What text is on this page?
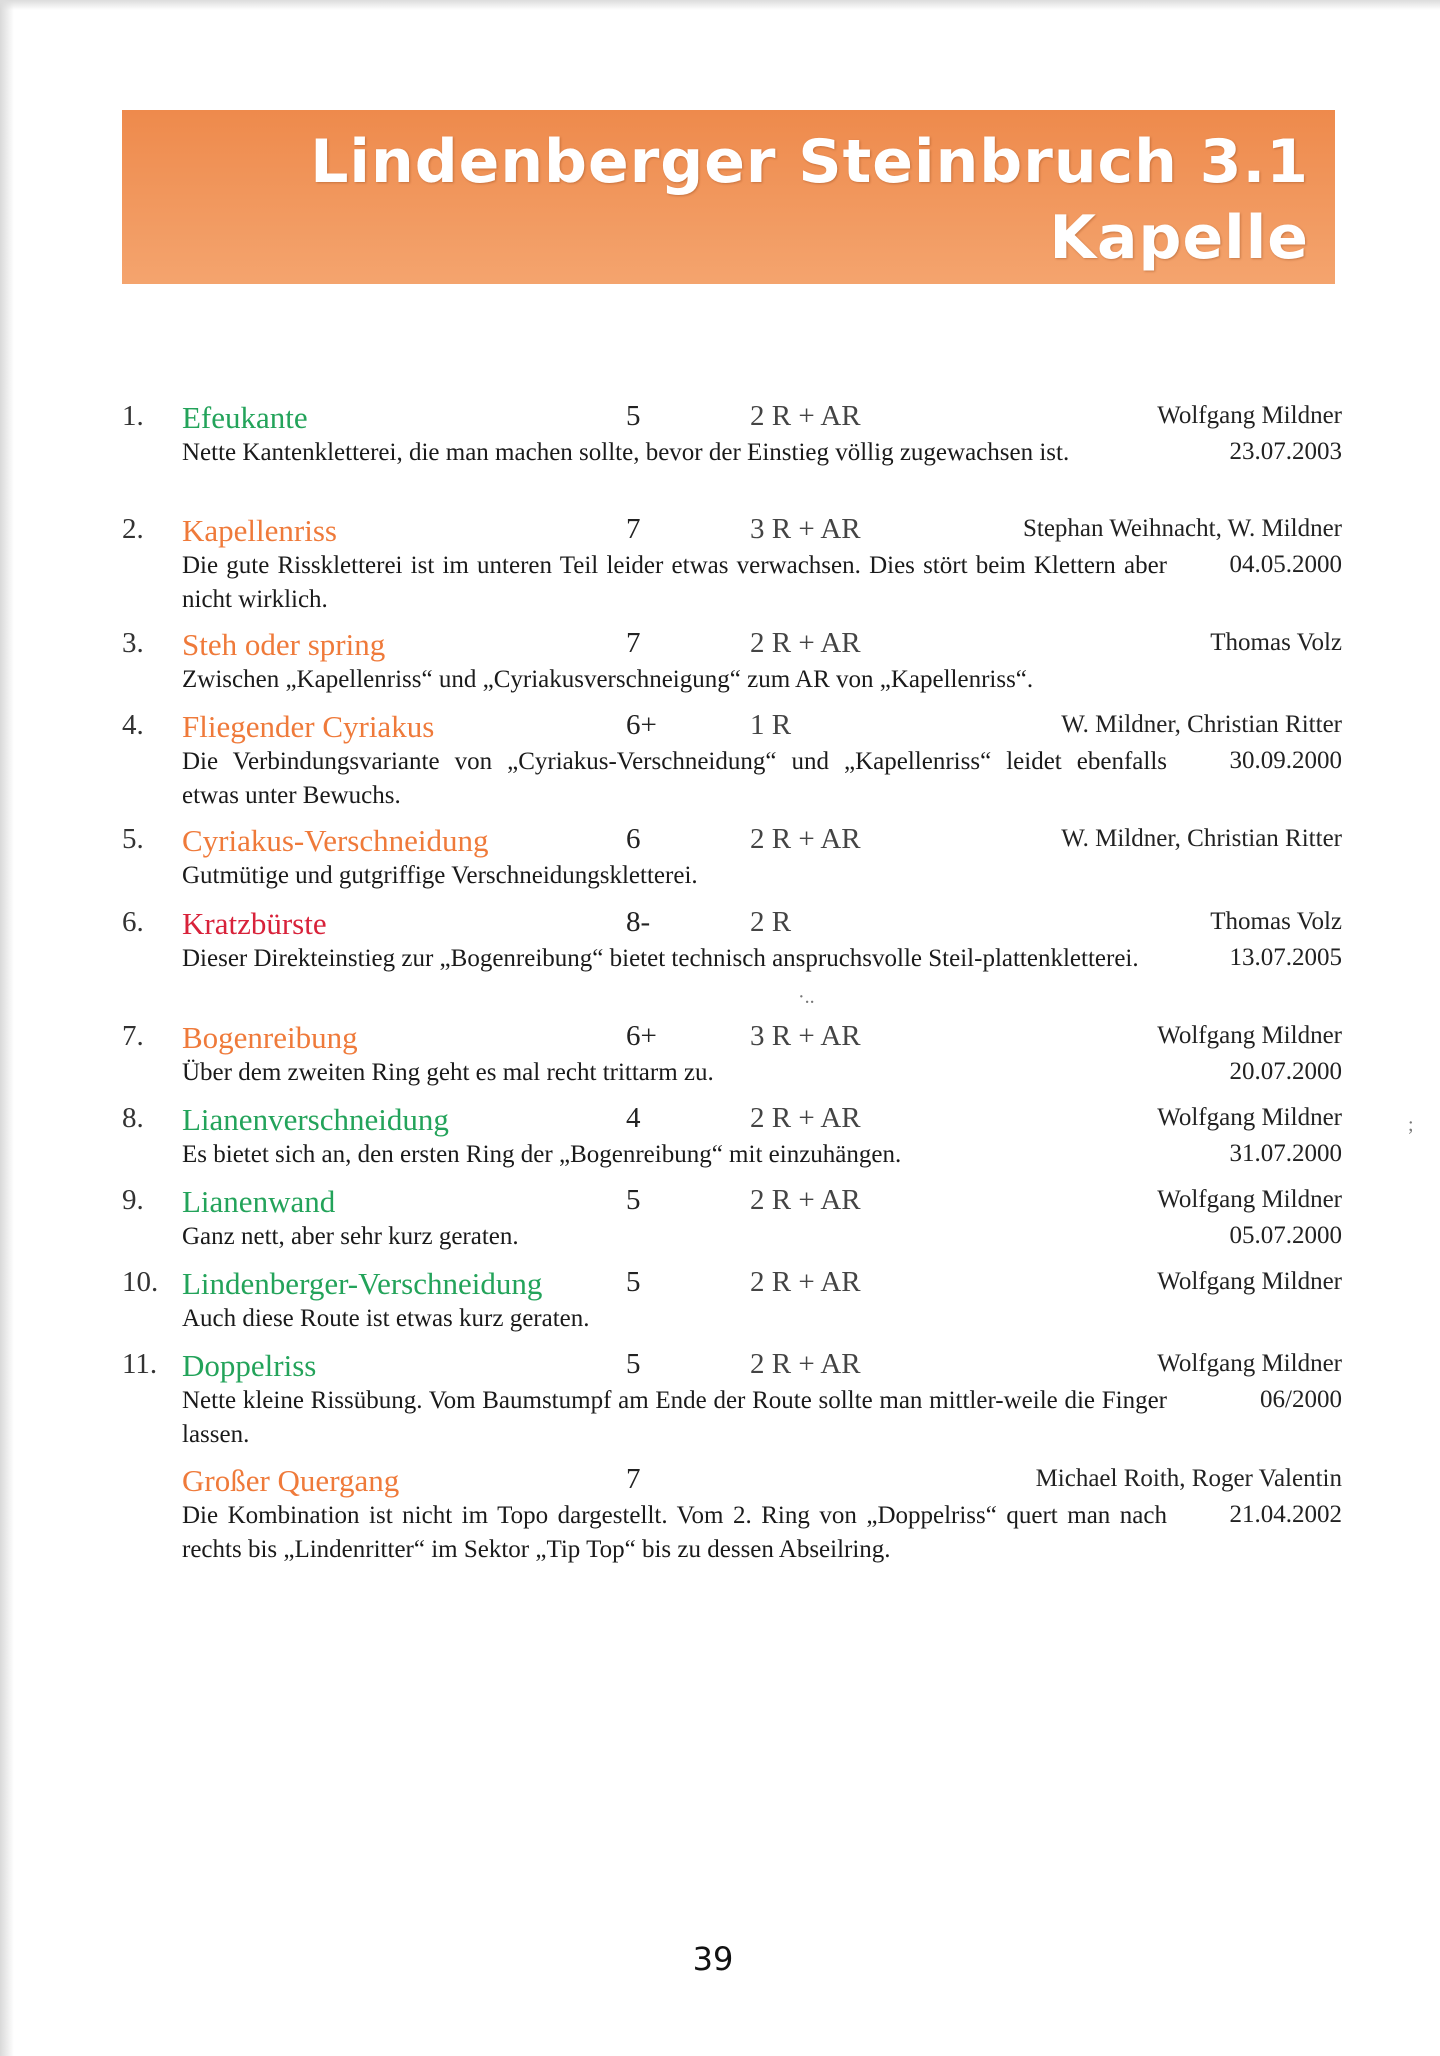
Lindenberger Steinbruch 3.1
Kapelle
1. Efeukante	5	2 R + AR	Wolfgang Mildner
Nette Kantenkletterei, die man machen sollte, bevor der Einstieg völlig zugewachsen ist.	23.07.2003
2. Kapellenriss	7	3 R + AR	Stephan Weihnacht, W. Mildner
Die gute Risskletterei ist im unteren Teil leider etwas verwachsen. Dies stört beim Klettern aber nicht wirklich.
04.05.2000
3. Steh oder spring	7	2 R + AR	Thomas Volz
Zwischen „Kapellenriss“ und „Cyriakusverschneigung“ zum AR von „Kapellenriss“.
4. Fliegender Cyriakus	6+	1 R	W. Mildner, Christian Ritter
Die Verbindungsvariante von „Cyriakus-Verschneidung“ und „Kapellenriss“ leidet ebenfalls etwas unter Bewuchs.
30.09.2000
5. Cyriakus-Verschneidung	6	2 R + AR	W. Mildner, Christian Ritter
Gutmütige und gutgriffige Verschneidungskletterei.
6. Kratzbürste	8-	2 R	Thomas Volz
Dieser Direkteinstieg zur „Bogenreibung“ bietet technisch anspruchsvolle Steil-plattenkletterei.	13.07.2005
7. Bogenreibung	6+	3 R + AR	Wolfgang Mildner
Über dem zweiten Ring geht es mal recht trittarm zu.	20.07.2000
8. Lianenverschneidung	4	2 R + AR	Wolfgang Mildner
Es bietet sich an, den ersten Ring der „Bogenreibung“ mit einzuhängen.	31.07.2000
9. Lianenwand	5	2 R + AR	Wolfgang Mildner
Ganz nett, aber sehr kurz geraten.	05.07.2000
10. Lindenberger-Verschneidung	5	2 R + AR	Wolfgang Mildner
Auch diese Route ist etwas kurz geraten.
11. Doppelriss	5	2 R + AR	Wolfgang Mildner
Nette kleine Rissübung. Vom Baumstumpf am Ende der Route sollte man mittler-weile die Finger lassen.
06/2000
Großer Quergang	7	Michael Roith, Roger Valentin
Die Kombination ist nicht im Topo dargestellt. Vom 2. Ring von „Doppelriss“ quert man nach rechts bis „Lindenritter“ im Sektor „Tip Top“ bis zu dessen Abseilring.
21.04.2002
39
·..
;
